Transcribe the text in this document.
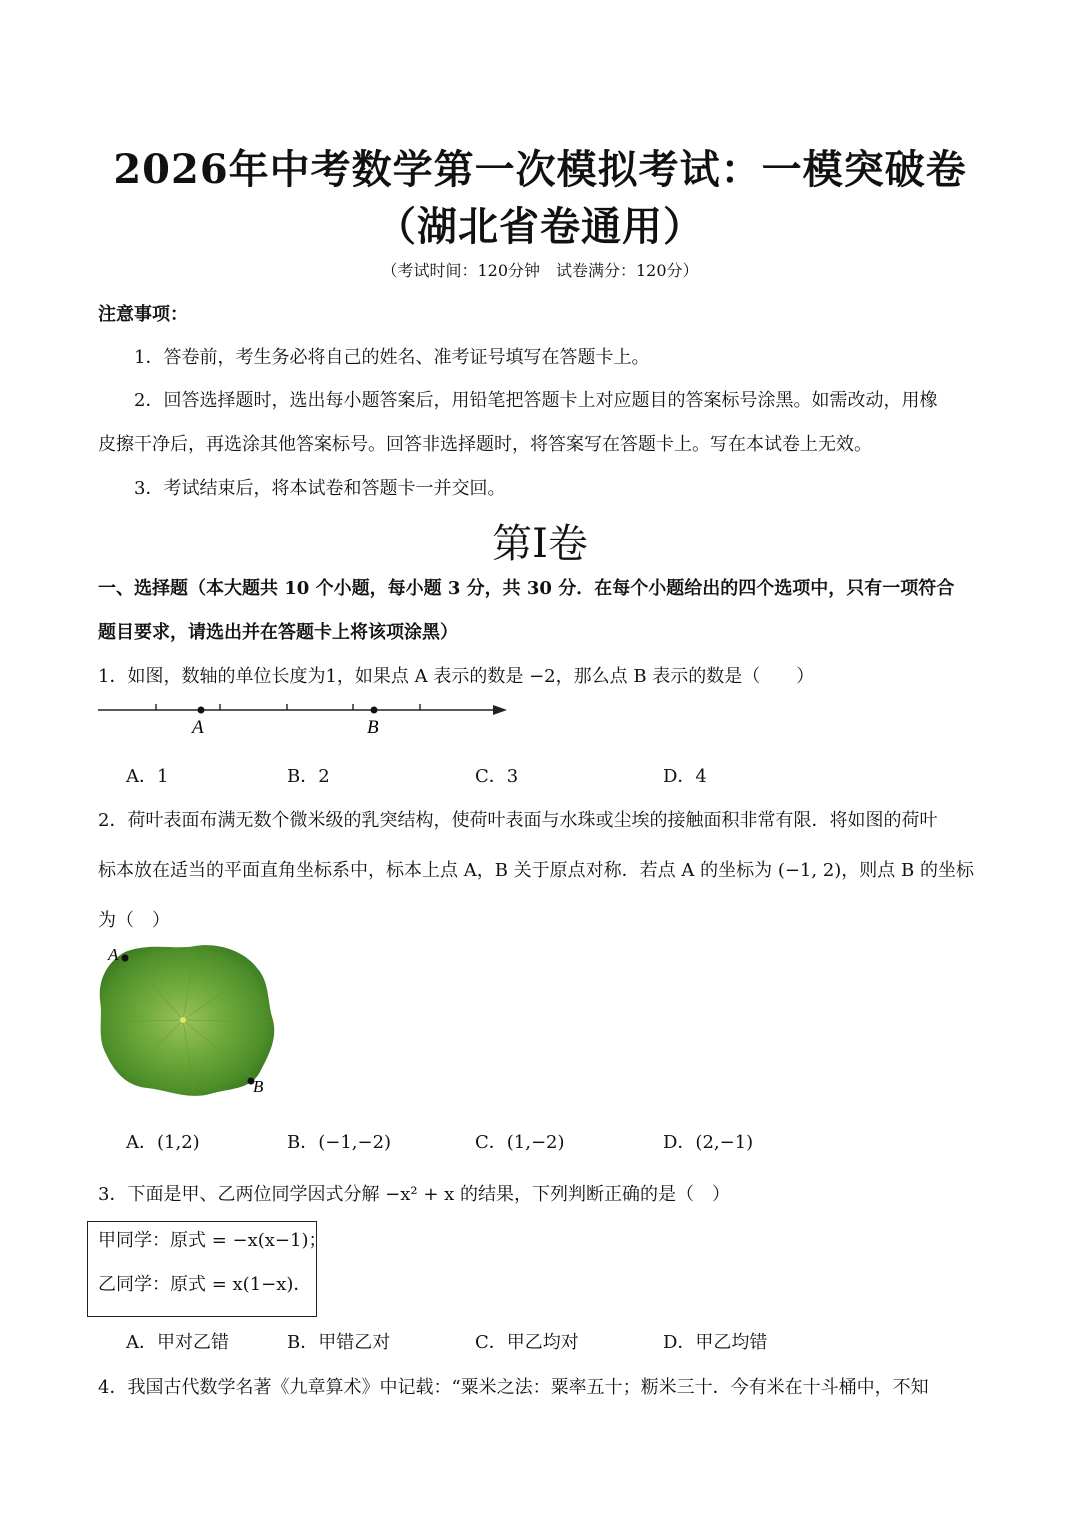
2026年中考数学第一次模拟考试：一模突破卷
（湖北省卷通用）
（考试时间：120分钟　试卷满分：120分）
注意事项：
1．答卷前，考生务必将自己的姓名、准考证号填写在答题卡上。
2．回答选择题时，选出每小题答案后，用铅笔把答题卡上对应题目的答案标号涂黑。如需改动，用橡
皮擦干净后，再选涂其他答案标号。回答非选择题时，将答案写在答题卡上。写在本试卷上无效。
3．考试结束后，将本试卷和答题卡一并交回。
第I卷
一、选择题（本大题共 10 个小题，每小题 3 分，共 30 分．在每个小题给出的四个选项中，只有一项符合
题目要求，请选出并在答题卡上将该项涂黑）
1．如图，数轴的单位长度为1，如果点 A 表示的数是 −2，那么点 B 表示的数是（　　）
A	B
A．1	B．2	C．3	D．4
2．荷叶表面布满无数个微米级的乳突结构，使荷叶表面与水珠或尘埃的接触面积非常有限．将如图的荷叶
标本放在适当的平面直角坐标系中，标本上点 A，B 关于原点对称．若点 A 的坐标为 (−1, 2)，则点 B 的坐标
为（　）
A
B
A．(1,2)	B．(−1,−2)	C．(1,−2)	D．(2,−1)
3．下面是甲、乙两位同学因式分解 −x² + x 的结果，下列判断正确的是（　）
甲同学：原式 = −x(x−1)；
乙同学：原式 = x(1−x)．
A．甲对乙错	B．甲错乙对	C．甲乙均对	D．甲乙均错
4．我国古代数学名著《九章算术》中记载：“粟米之法：粟率五十；粝米三十．今有米在十斗桶中，不知
